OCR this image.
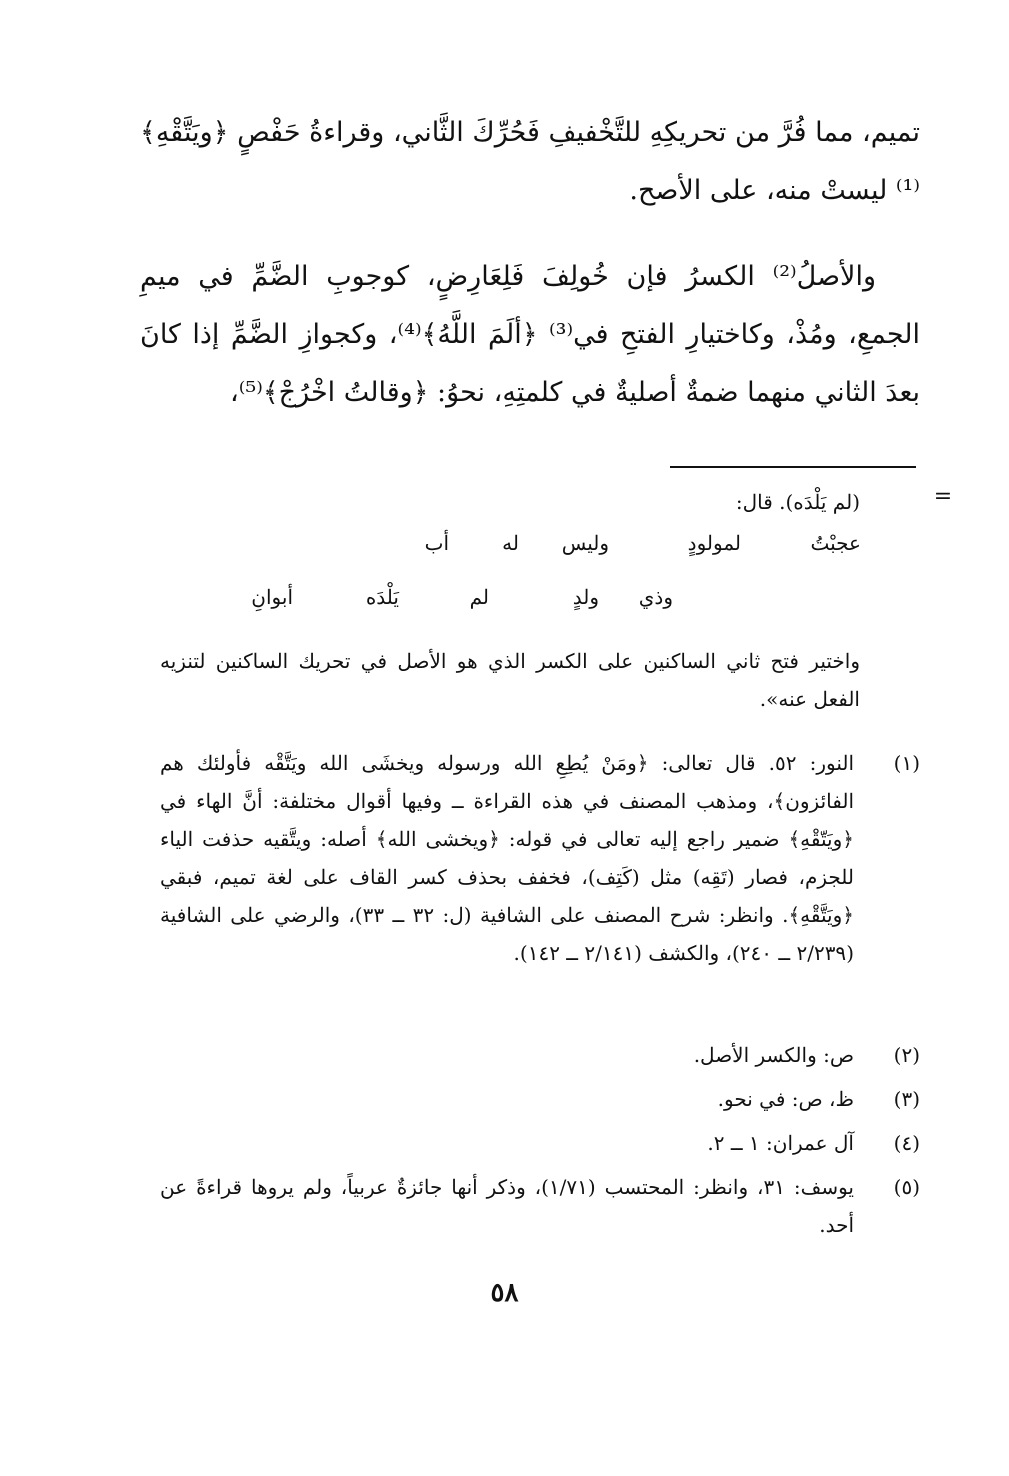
تميم، مما فُرَّ من تحريكِهِ للتَّخْفيفِ فَحُرِّكَ الثَّاني، وقراءةُ حَفْصٍ ﴿ويَتَّقْهِ﴾⁽¹⁾ ليستْ منه، على الأصح.

والأصلُ⁽²⁾ الكسرُ فإن خُولِفَ فَلِعَارِضٍ، كوجوبِ الضَّمِّ في ميمِ الجمعِ، ومُذْ، وكاختيارِ الفتحِ في⁽³⁾ ﴿ألَمَ اللَّهُ﴾⁽⁴⁾، وكجوازِ الضَّمِّ إذا كانَ بعدَ الثاني منهما ضمةٌ أصليةٌ في كلمتِهِ، نحوُ: ﴿وقالتُ اخْرُجْ﴾⁽⁵⁾،

=
(لم يَلْدَه). قال:
عجبْتُ
لمولودٍ
وليس
له
أب
وذي
ولدٍ
لم
يَلْدَه
أبوانِ
واختير فتح ثاني الساكنين على الكسر الذي هو الأصل في تحريك الساكنين لتنزيه الفعل عنه».
(١)
النور: ٥٢. قال تعالى: ﴿ومَنْ يُطِعِ الله ورسوله ويخشَى الله ويَتَّقْه فأولئك هم الفائزون﴾، ومذهب المصنف في هذه القراءة ــ وفيها أقوال مختلفة: أنَّ الهاء في ﴿ويَتّقْهِ﴾ ضمير راجع إليه تعالى في قوله: ﴿ويخشى الله﴾ أصله: ويتَّقيه حذفت الياء للجزم، فصار (تَقِه) مثل (كَتِف)، فخفف بحذف كسر القاف على لغة تميم، فبقي ﴿ويَتَّقْهِ﴾. وانظر: شرح المصنف على الشافية (ل: ٣٢ ــ ٣٣)، والرضي على الشافية (٢/٢٣٩ ــ ٢٤٠)، والكشف (٢/١٤١ ــ ١٤٢).
(٢)
ص: والكسر الأصل.
(٣)
ظ، ص: في نحو.
(٤)
آل عمران: ١ ــ ٢.
(٥)
يوسف: ٣١، وانظر: المحتسب (١/٧١)، وذكر أنها جائزةٌ عربياً، ولم يروها قراءةً عن أحد.
٥٨
